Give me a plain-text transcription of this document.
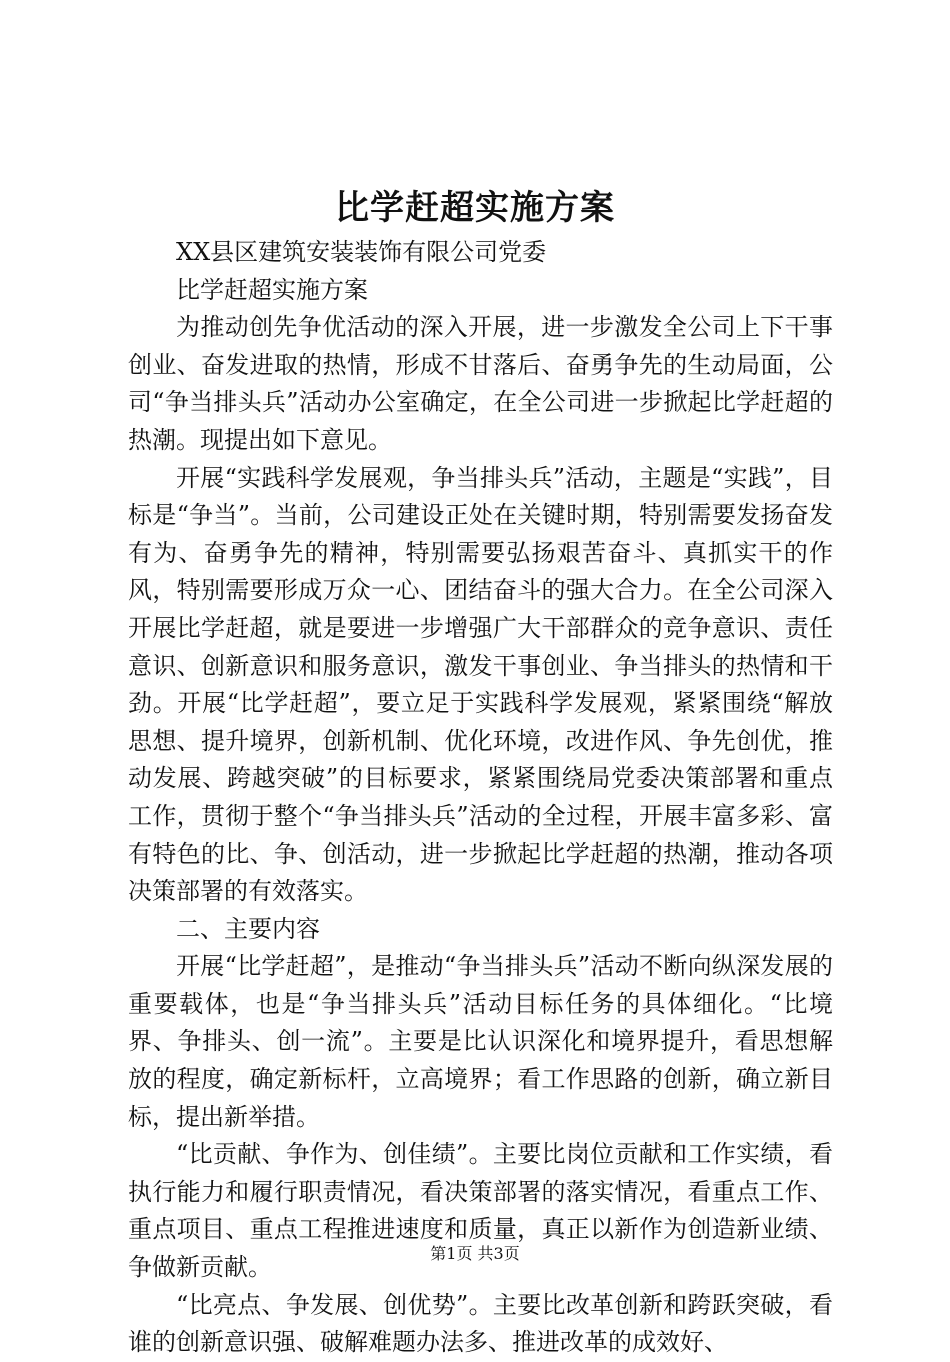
比学赶超实施方案

XX县区建筑安装装饰有限公司党委

比学赶超实施方案

为推动创先争优活动的深入开展，进一步激发全公司上下干事创业、奋发进取的热情，形成不甘落后、奋勇争先的生动局面，公司“争当排头兵”活动办公室确定，在全公司进一步掀起比学赶超的热潮。现提出如下意见。

开展“实践科学发展观，争当排头兵”活动，主题是“实践”，目标是“争当”。当前，公司建设正处在关键时期，特别需要发扬奋发有为、奋勇争先的精神，特别需要弘扬艰苦奋斗、真抓实干的作风，特别需要形成万众一心、团结奋斗的强大合力。在全公司深入开展比学赶超，就是要进一步增强广大干部群众的竞争意识、责任意识、创新意识和服务意识，激发干事创业、争当排头的热情和干劲。开展“比学赶超”，要立足于实践科学发展观，紧紧围绕“解放思想、提升境界，创新机制、优化环境，改进作风、争先创优，推动发展、跨越突破”的目标要求，紧紧围绕局党委决策部署和重点工作，贯彻于整个“争当排头兵”活动的全过程，开展丰富多彩、富有特色的比、争、创活动，进一步掀起比学赶超的热潮，推动各项决策部署的有效落实。

二、主要内容

开展“比学赶超”，是推动“争当排头兵”活动不断向纵深发展的重要载体，也是“争当排头兵”活动目标任务的具体细化。“比境界、争排头、创一流”。主要是比认识深化和境界提升，看思想解放的程度，确定新标杆，立高境界；看工作思路的创新，确立新目标，提出新举措。

“比贡献、争作为、创佳绩”。主要比岗位贡献和工作实绩，看执行能力和履行职责情况，看决策部署的落实情况，看重点工作、重点项目、重点工程推进速度和质量，真正以新作为创造新业绩、争做新贡献。

“比亮点、争发展、创优势”。主要比改革创新和跨跃突破，看谁的创新意识强、破解难题办法多、推进改革的成效好、

第1页 共3页
